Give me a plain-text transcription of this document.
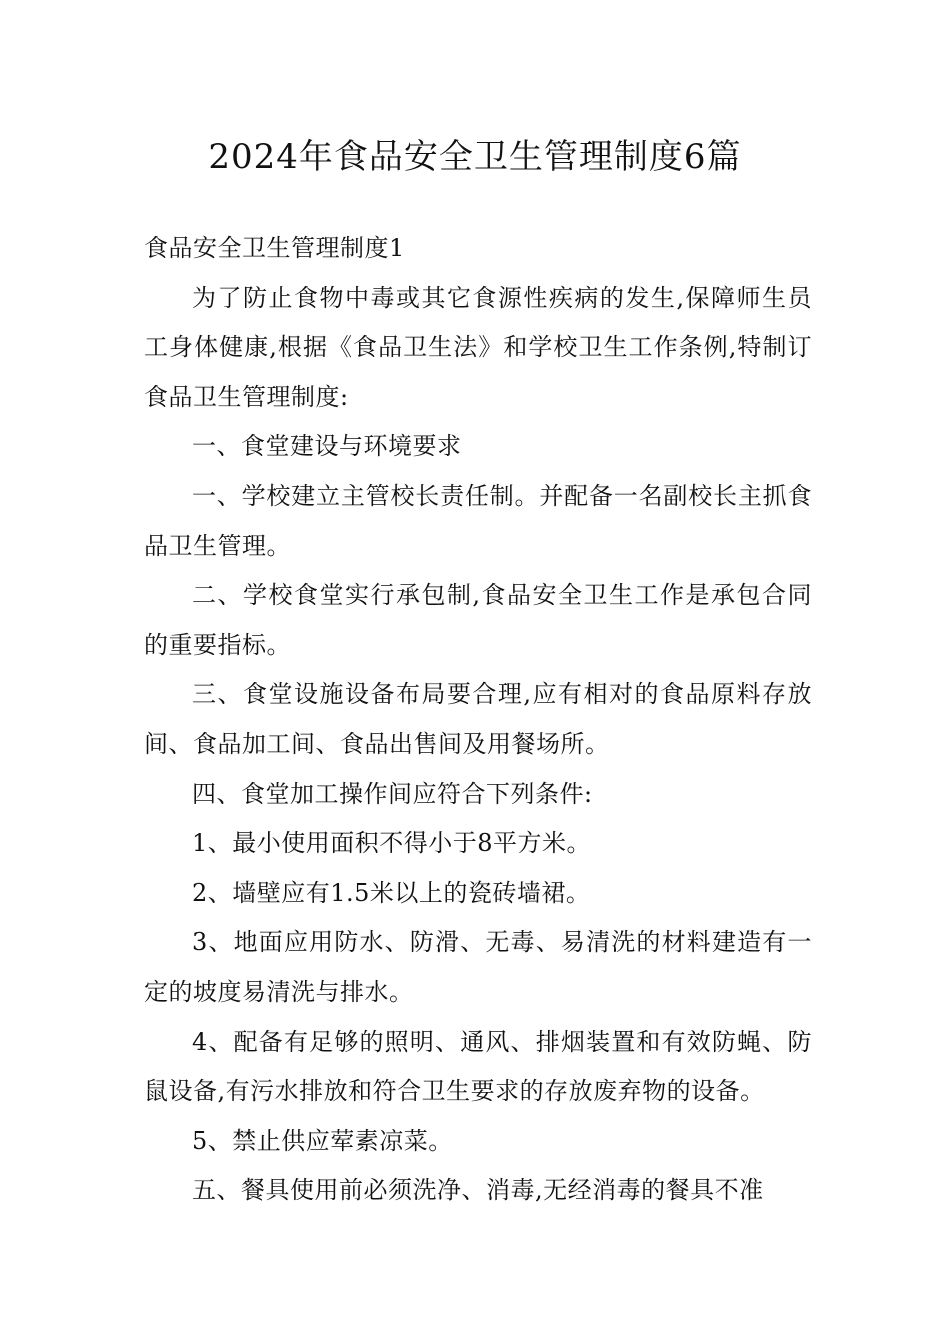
2024年食品安全卫生管理制度6篇

食品安全卫生管理制度1

为了防止食物中毒或其它食源性疾病的发生,保障师生员工身体健康,根据《食品卫生法》和学校卫生工作条例,特制订食品卫生管理制度:

一、食堂建设与环境要求

一、学校建立主管校长责任制。并配备一名副校长主抓食品卫生管理。

二、学校食堂实行承包制,食品安全卫生工作是承包合同的重要指标。

三、食堂设施设备布局要合理,应有相对的食品原料存放间、食品加工间、食品出售间及用餐场所。

四、食堂加工操作间应符合下列条件:

1、最小使用面积不得小于8平方米。

2、墙壁应有1.5米以上的瓷砖墙裙。

3、地面应用防水、防滑、无毒、易清洗的材料建造有一定的坡度易清洗与排水。

4、配备有足够的照明、通风、排烟装置和有效防蝇、防鼠设备,有污水排放和符合卫生要求的存放废弃物的设备。

5、禁止供应荤素凉菜。

五、餐具使用前必须洗净、消毒,无经消毒的餐具不准
